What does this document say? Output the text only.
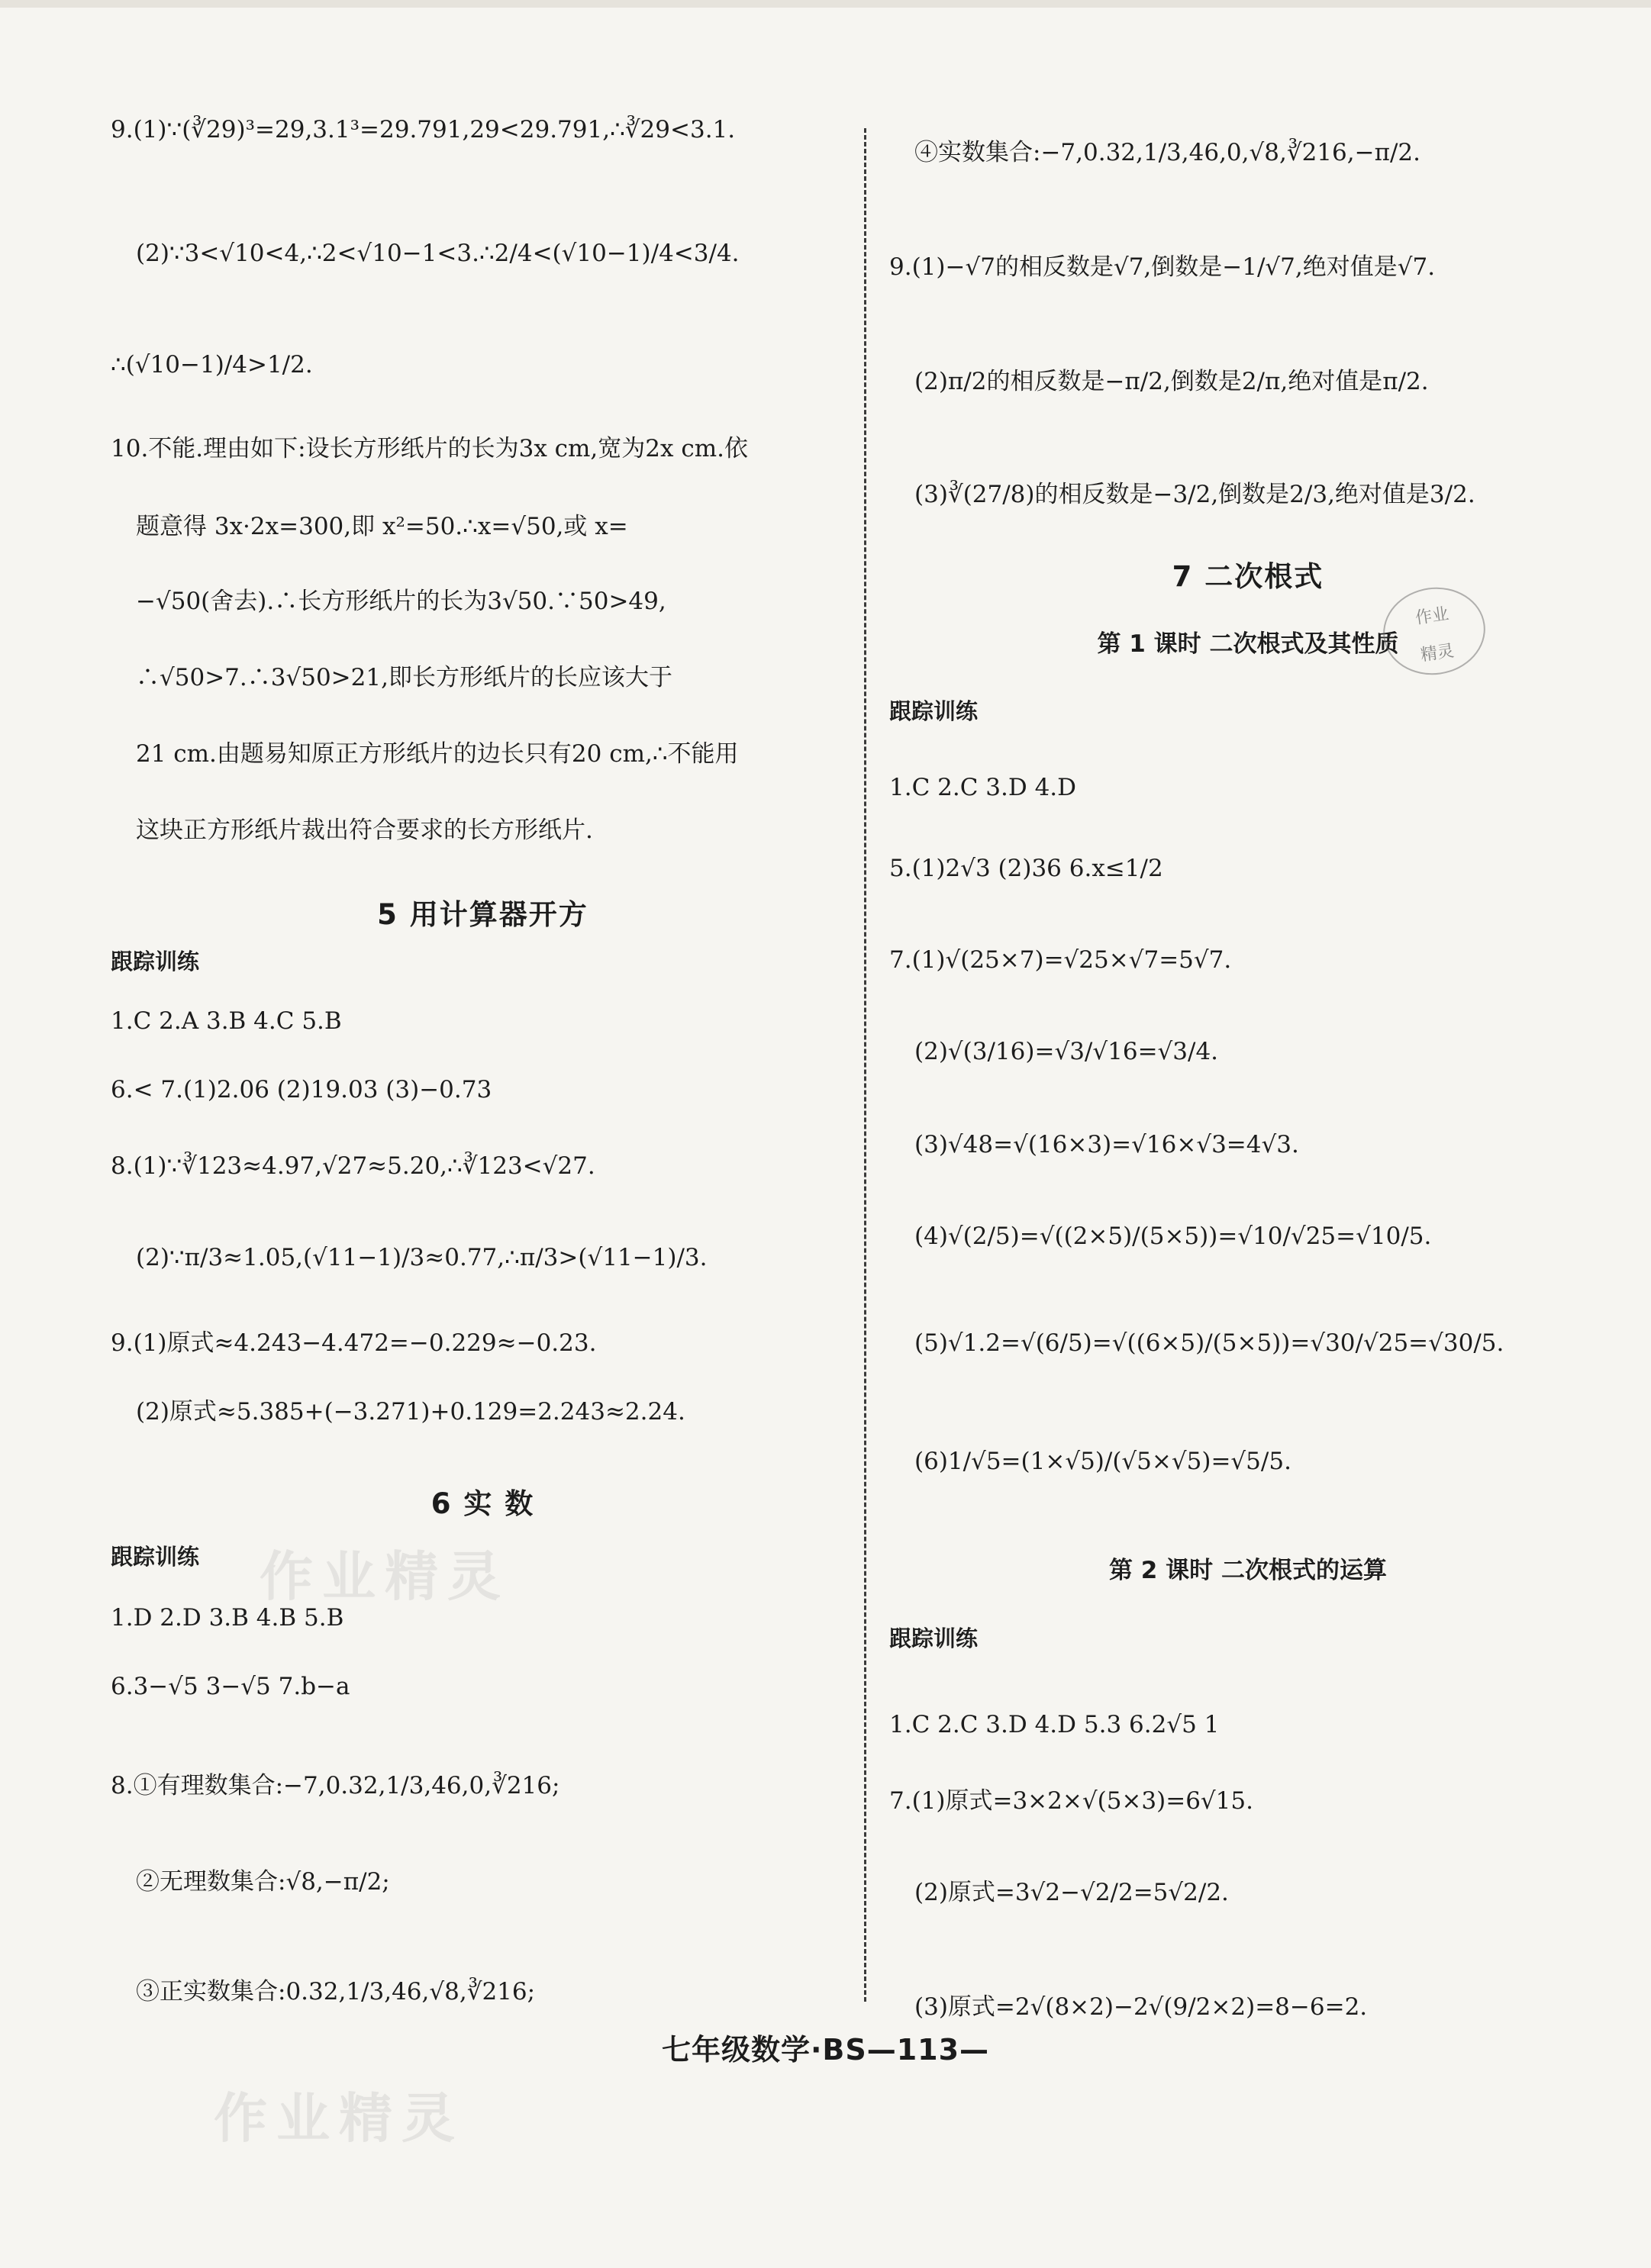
9.(1)∵(∛29)³=29,3.1³=29.791,29<29.791,∴∛29<3.1.
(2)∵3<√10<4,∴2<√10−1<3.∴2/4<(√10−1)/4<3/4.
∴(√10−1)/4>1/2.
10.不能.理由如下:设长方形纸片的长为3x cm,宽为2x cm.依
题意得 3x·2x=300,即 x²=50.∴x=√50,或 x=
−√50(舍去).∴长方形纸片的长为3√50.∵50>49,
∴√50>7.∴3√50>21,即长方形纸片的长应该大于
21 cm.由题易知原正方形纸片的边长只有20 cm,∴不能用
这块正方形纸片裁出符合要求的长方形纸片.
1.C 2.A 3.B 4.C 5.B
6.< 7.(1)2.06 (2)19.03 (3)−0.73
8.(1)∵∛123≈4.97,√27≈5.20,∴∛123<√27.
(2)∵π/3≈1.05,(√11−1)/3≈0.77,∴π/3>(√11−1)/3.
9.(1)原式≈4.243−4.472=−0.229≈−0.23.
(2)原式≈5.385+(−3.271)+0.129=2.243≈2.24.
1.D 2.D 3.B 4.B 5.B
6.3−√5 3−√5 7.b−a
8.①有理数集合:−7,0.32,1/3,46,0,∛216;
②无理数集合:√8,−π/2;
③正实数集合:0.32,1/3,46,√8,∛216;
5 用计算器开方
6 实 数
跟踪训练
跟踪训练
④实数集合:−7,0.32,1/3,46,0,√8,∛216,−π/2.
9.(1)−√7的相反数是√7,倒数是−1/√7,绝对值是√7.
(2)π/2的相反数是−π/2,倒数是2/π,绝对值是π/2.
(3)∛(27/8)的相反数是−3/2,倒数是2/3,绝对值是3/2.
1.C 2.C 3.D 4.D
5.(1)2√3 (2)36 6.x≤1/2
7.(1)√(25×7)=√25×√7=5√7.
(2)√(3/16)=√3/√16=√3/4.
(3)√48=√(16×3)=√16×√3=4√3.
(4)√(2/5)=√((2×5)/(5×5))=√10/√25=√10/5.
(5)√1.2=√(6/5)=√((6×5)/(5×5))=√30/√25=√30/5.
(6)1/√5=(1×√5)/(√5×√5)=√5/5.
1.C 2.C 3.D 4.D 5.3 6.2√5 1
7.(1)原式=3×2×√(5×3)=6√15.
(2)原式=3√2−√2/2=5√2/2.
(3)原式=2√(8×2)−2√(9/2×2)=8−6=2.
7 二次根式
第 1 课时 二次根式及其性质
第 2 课时 二次根式的运算
跟踪训练
跟踪训练
作业精灵
作业精灵
作业
精灵
七年级数学·BS—113—
